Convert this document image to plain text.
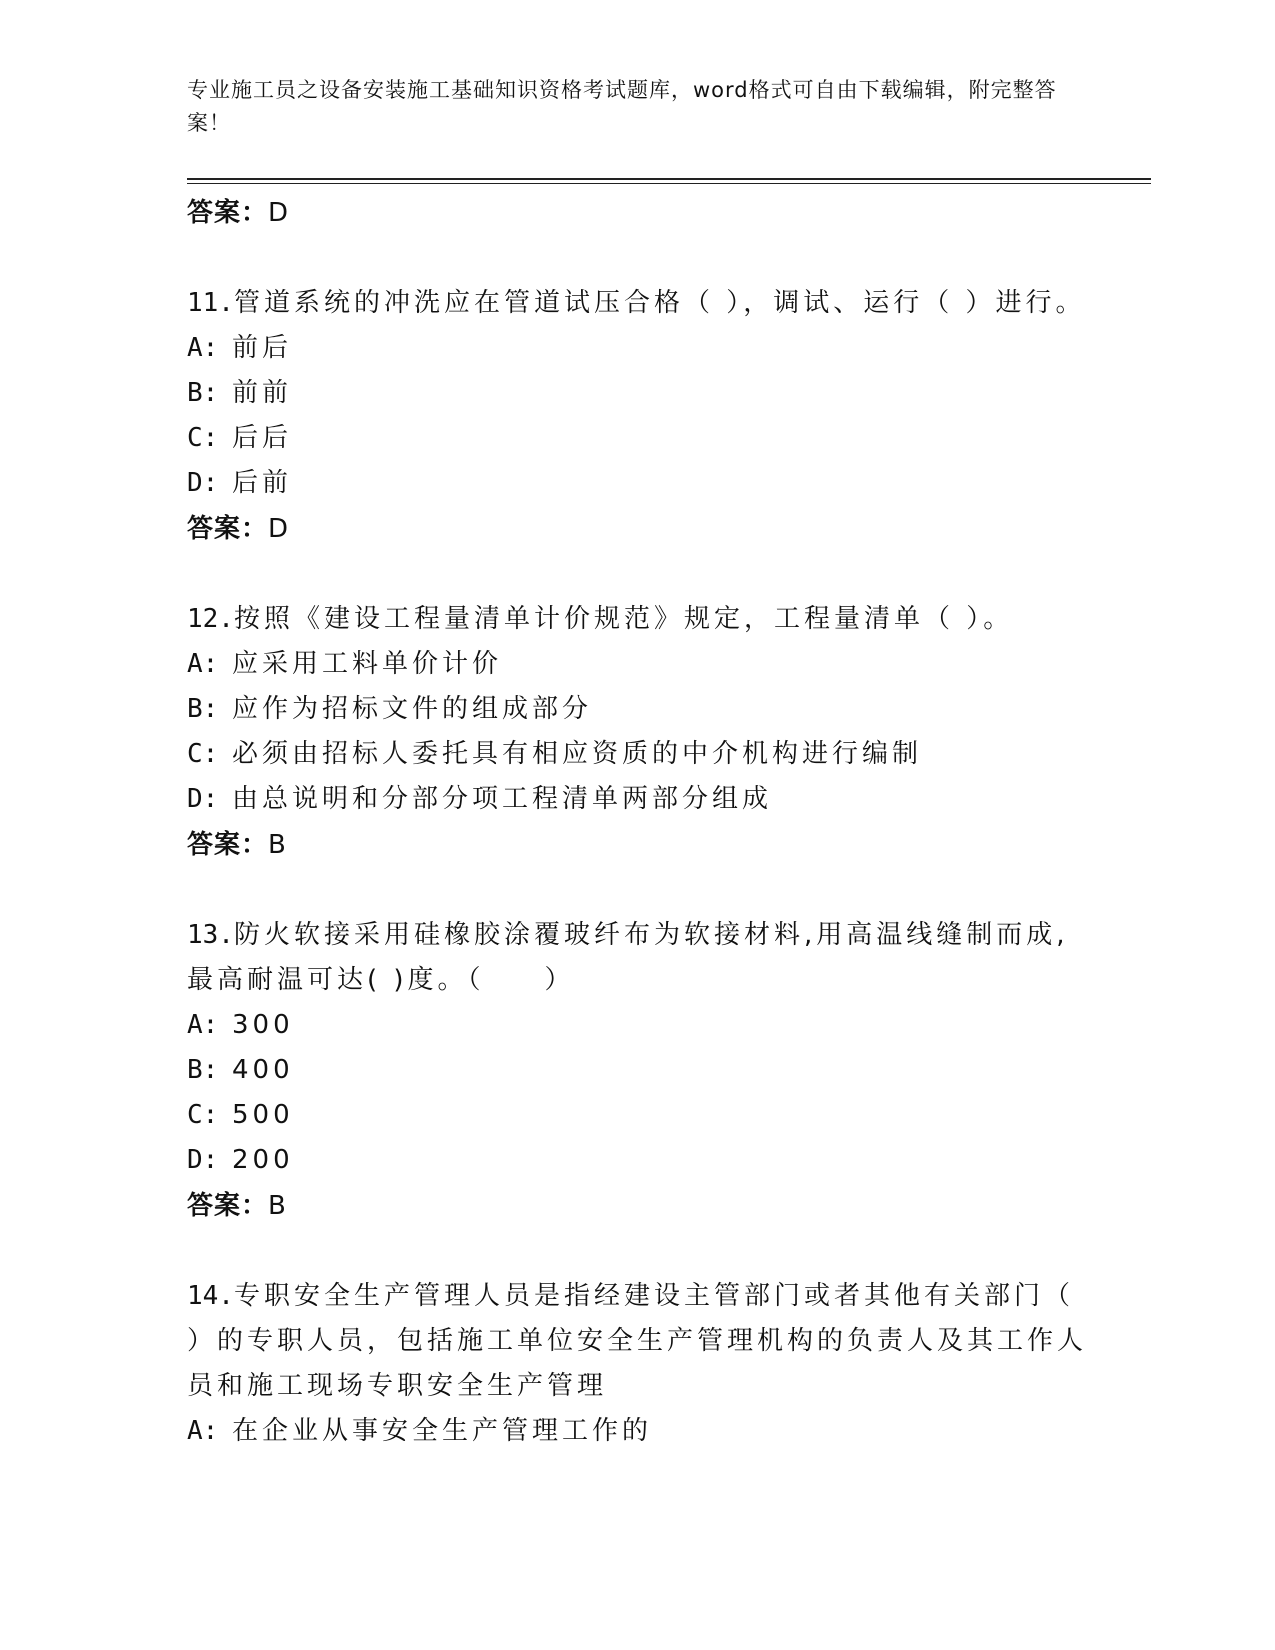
专业施工员之设备安装施工基础知识资格考试题库，word格式可自由下载编辑，附完整答案！
答案：D
11.管道系统的冲洗应在管道试压合格（ ），调试、运行（ ）进行。
A: 前后
B: 前前
C: 后后
D: 后前
答案：D
12.按照《建设工程量清单计价规范》规定，工程量清单（ ）。
A: 应采用工料单价计价
B: 应作为招标文件的组成部分
C: 必须由招标人委托具有相应资质的中介机构进行编制
D: 由总说明和分部分项工程清单两部分组成
答案：B
13.防火软接采用硅橡胶涂覆玻纤布为软接材料,用高温线缝制而成,最高耐温可达( )度。（　　）
A: 300
B: 400
C: 500
D: 200
答案：B
14.专职安全生产管理人员是指经建设主管部门或者其他有关部门（ ）的专职人员，包括施工单位安全生产管理机构的负责人及其工作人员和施工现场专职安全生产管理
A: 在企业从事安全生产管理工作的
